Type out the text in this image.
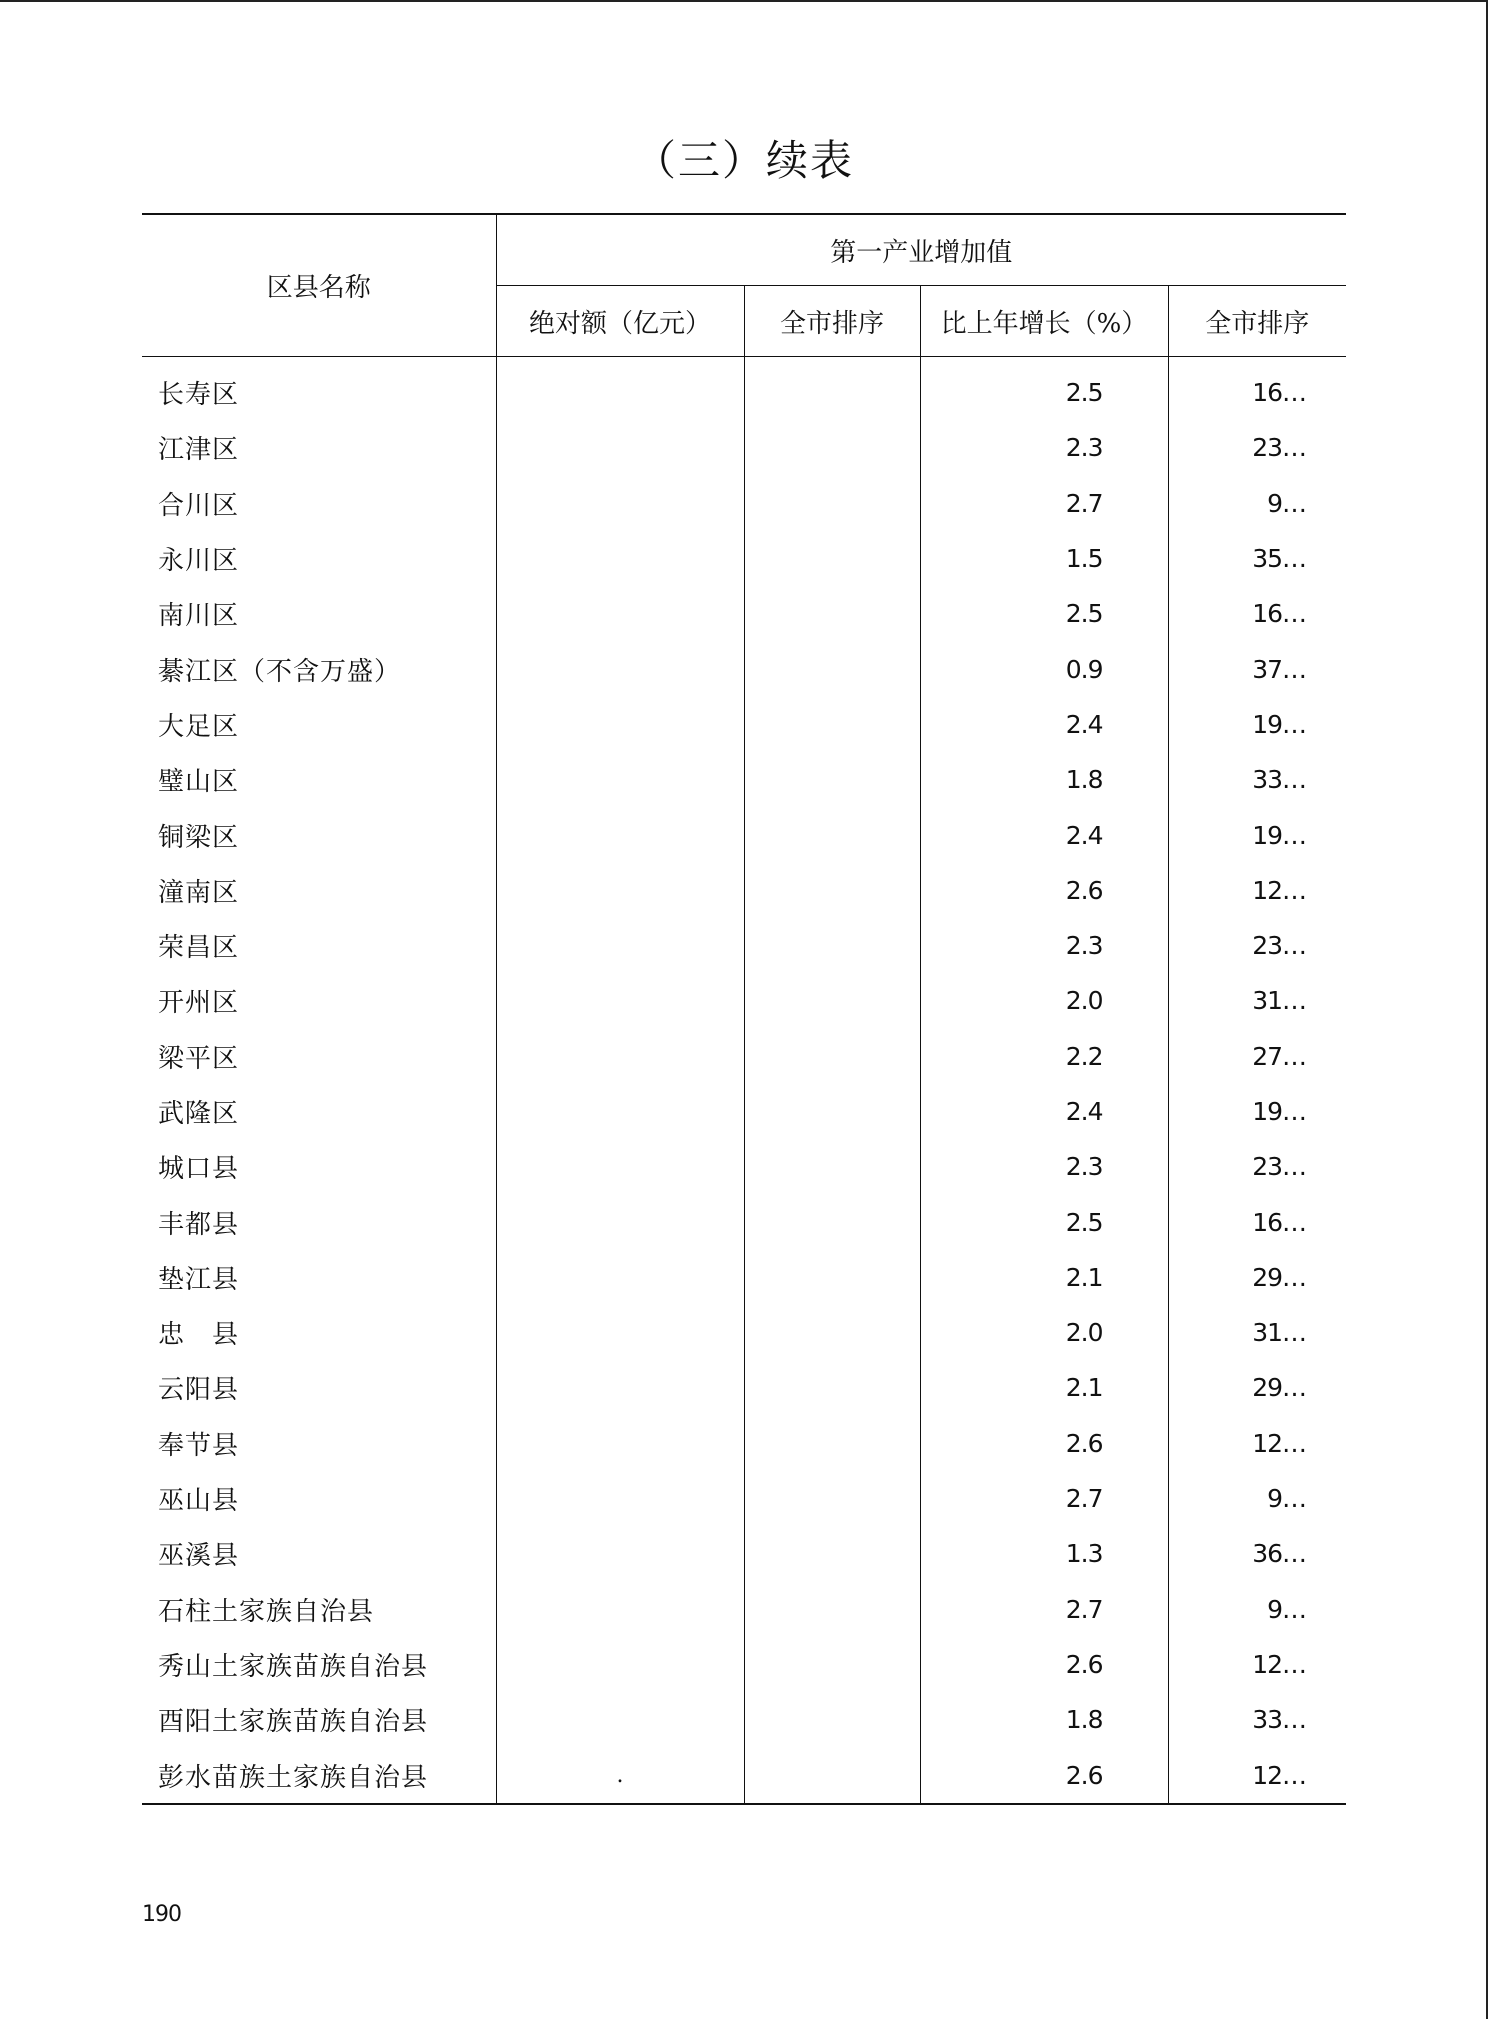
（三）续表
区县名称	第一产业增加值			
	绝对额（亿元）	全市排序	比上年增长（%）	全市排序
长寿区			2.5	16…
江津区			2.3	23…
合川区			2.7	9…
永川区			1.5	35…
南川区			2.5	16…
綦江区（不含万盛）			0.9	37…
大足区			2.4	19…
璧山区			1.8	33…
铜梁区			2.4	19…
潼南区			2.6	12…
荣昌区			2.3	23…
开州区			2.0	31…
梁平区			2.2	27…
武隆区			2.4	19…
城口县			2.3	23…
丰都县			2.5	16…
垫江县			2.1	29…
忠　县			2.0	31…
云阳县			2.1	29…
奉节县			2.6	12…
巫山县			2.7	9…
巫溪县			1.3	36…
石柱土家族自治县			2.7	9…
秀山土家族苗族自治县			2.6	12…
酉阳土家族苗族自治县			1.8	33…
彭水苗族土家族自治县	.		2.6	12…
190
